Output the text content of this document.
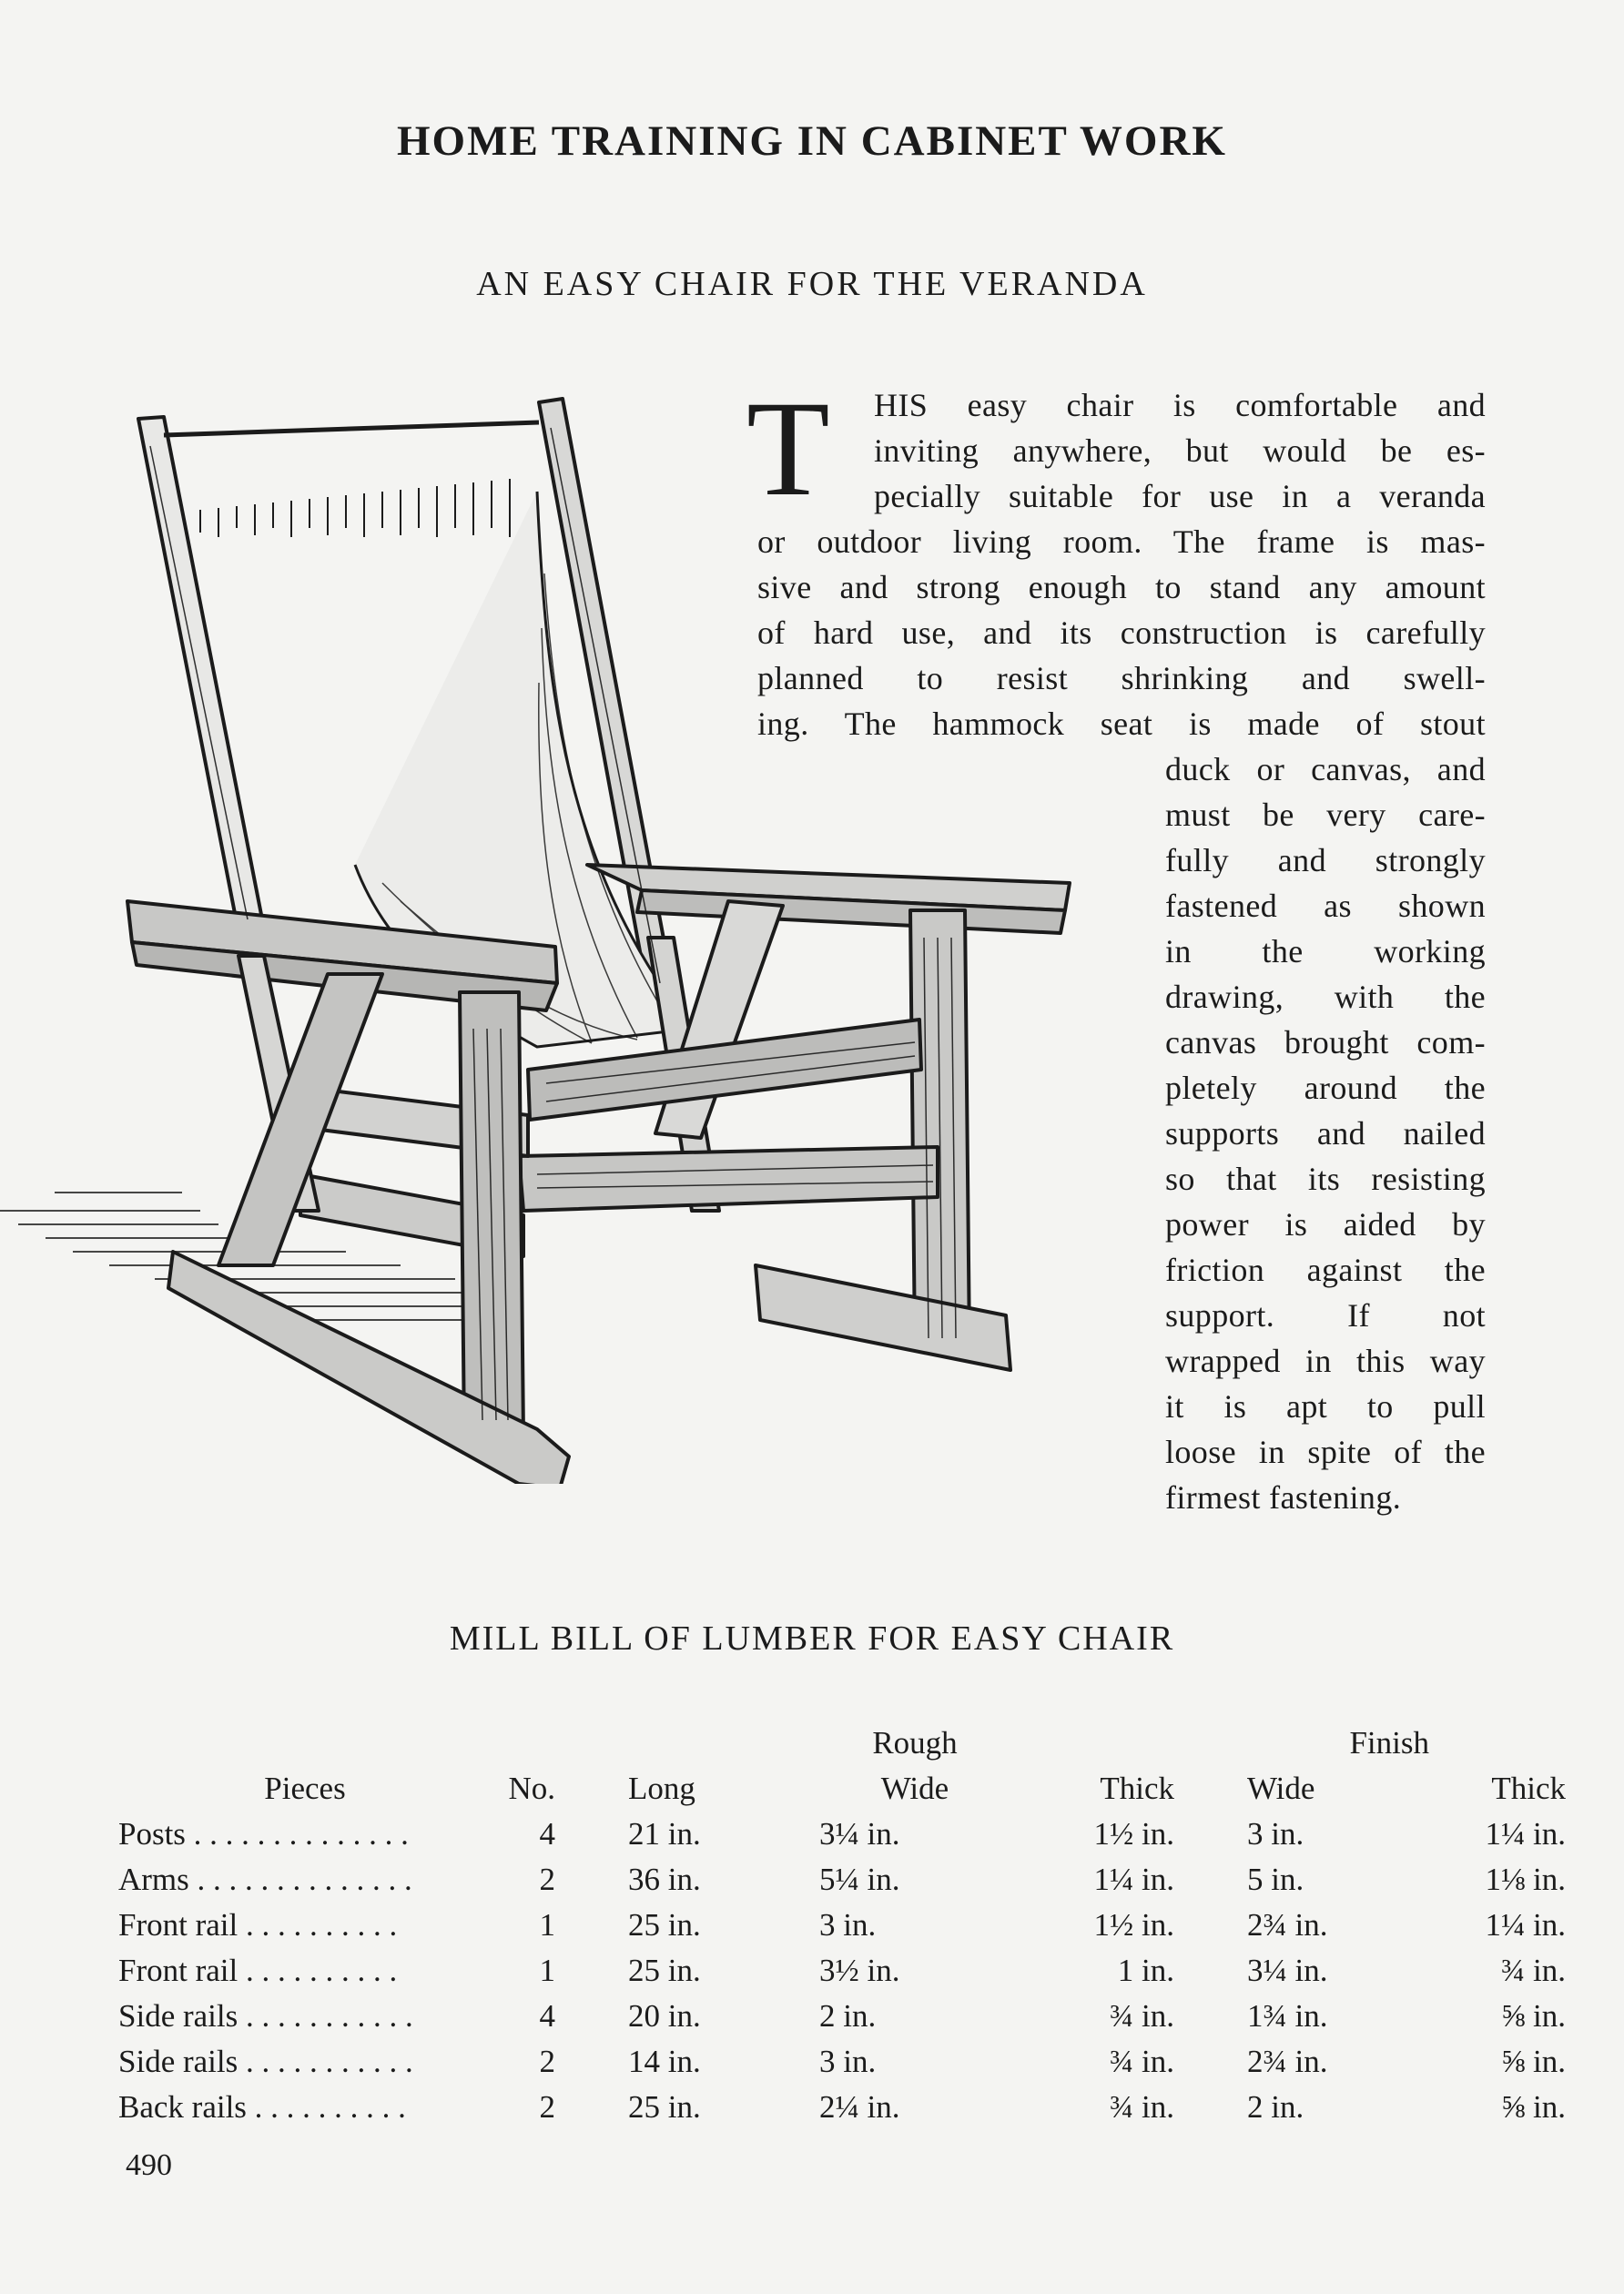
HOME TRAINING IN CABINET WORK
AN EASY CHAIR FOR THE VERANDA
T HIS easy chair is comfortable and
inviting anywhere, but would be es-
pecially suitable for use in a veranda
or outdoor living room. The frame is mas-
sive and strong enough to stand any amount
of hard use, and its construction is carefully
planned to resist shrinking and swell-
ing. The hammock seat is made of stout
duck or canvas, and
must be very care-
fully and strongly
fastened as shown
in the working
drawing, with the
canvas brought com-
pletely around the
supports and nailed
so that its resisting
power is aided by
friction against the
support. If not
wrapped in this way
it is apt to pull
loose in spite of the
firmest fastening.
MILL BILL OF LUMBER FOR EASY CHAIR
			Rough		Finish	
Pieces	No.	Long	Wide	Thick	Wide	Thick
Posts . . . . . . . . . . . . . .	4	21 in.	3¼ in.	1½ in.	3 in.	1¼ in.
Arms . . . . . . . . . . . . . .	2	36 in.	5¼ in.	1¼ in.	5 in.	1⅛ in.
Front rail . . . . . . . . . .	1	25 in.	3 in.	1½ in.	2¾ in.	1¼ in.
Front rail . . . . . . . . . .	1	25 in.	3½ in.	1 in.	3¼ in.	¾ in.
Side rails . . . . . . . . . . .	4	20 in.	2 in.	¾ in.	1¾ in.	⅝ in.
Side rails . . . . . . . . . . .	2	14 in.	3 in.	¾ in.	2¾ in.	⅝ in.
Back rails . . . . . . . . . .	2	25 in.	2¼ in.	¾ in.	2 in.	⅝ in.
490
